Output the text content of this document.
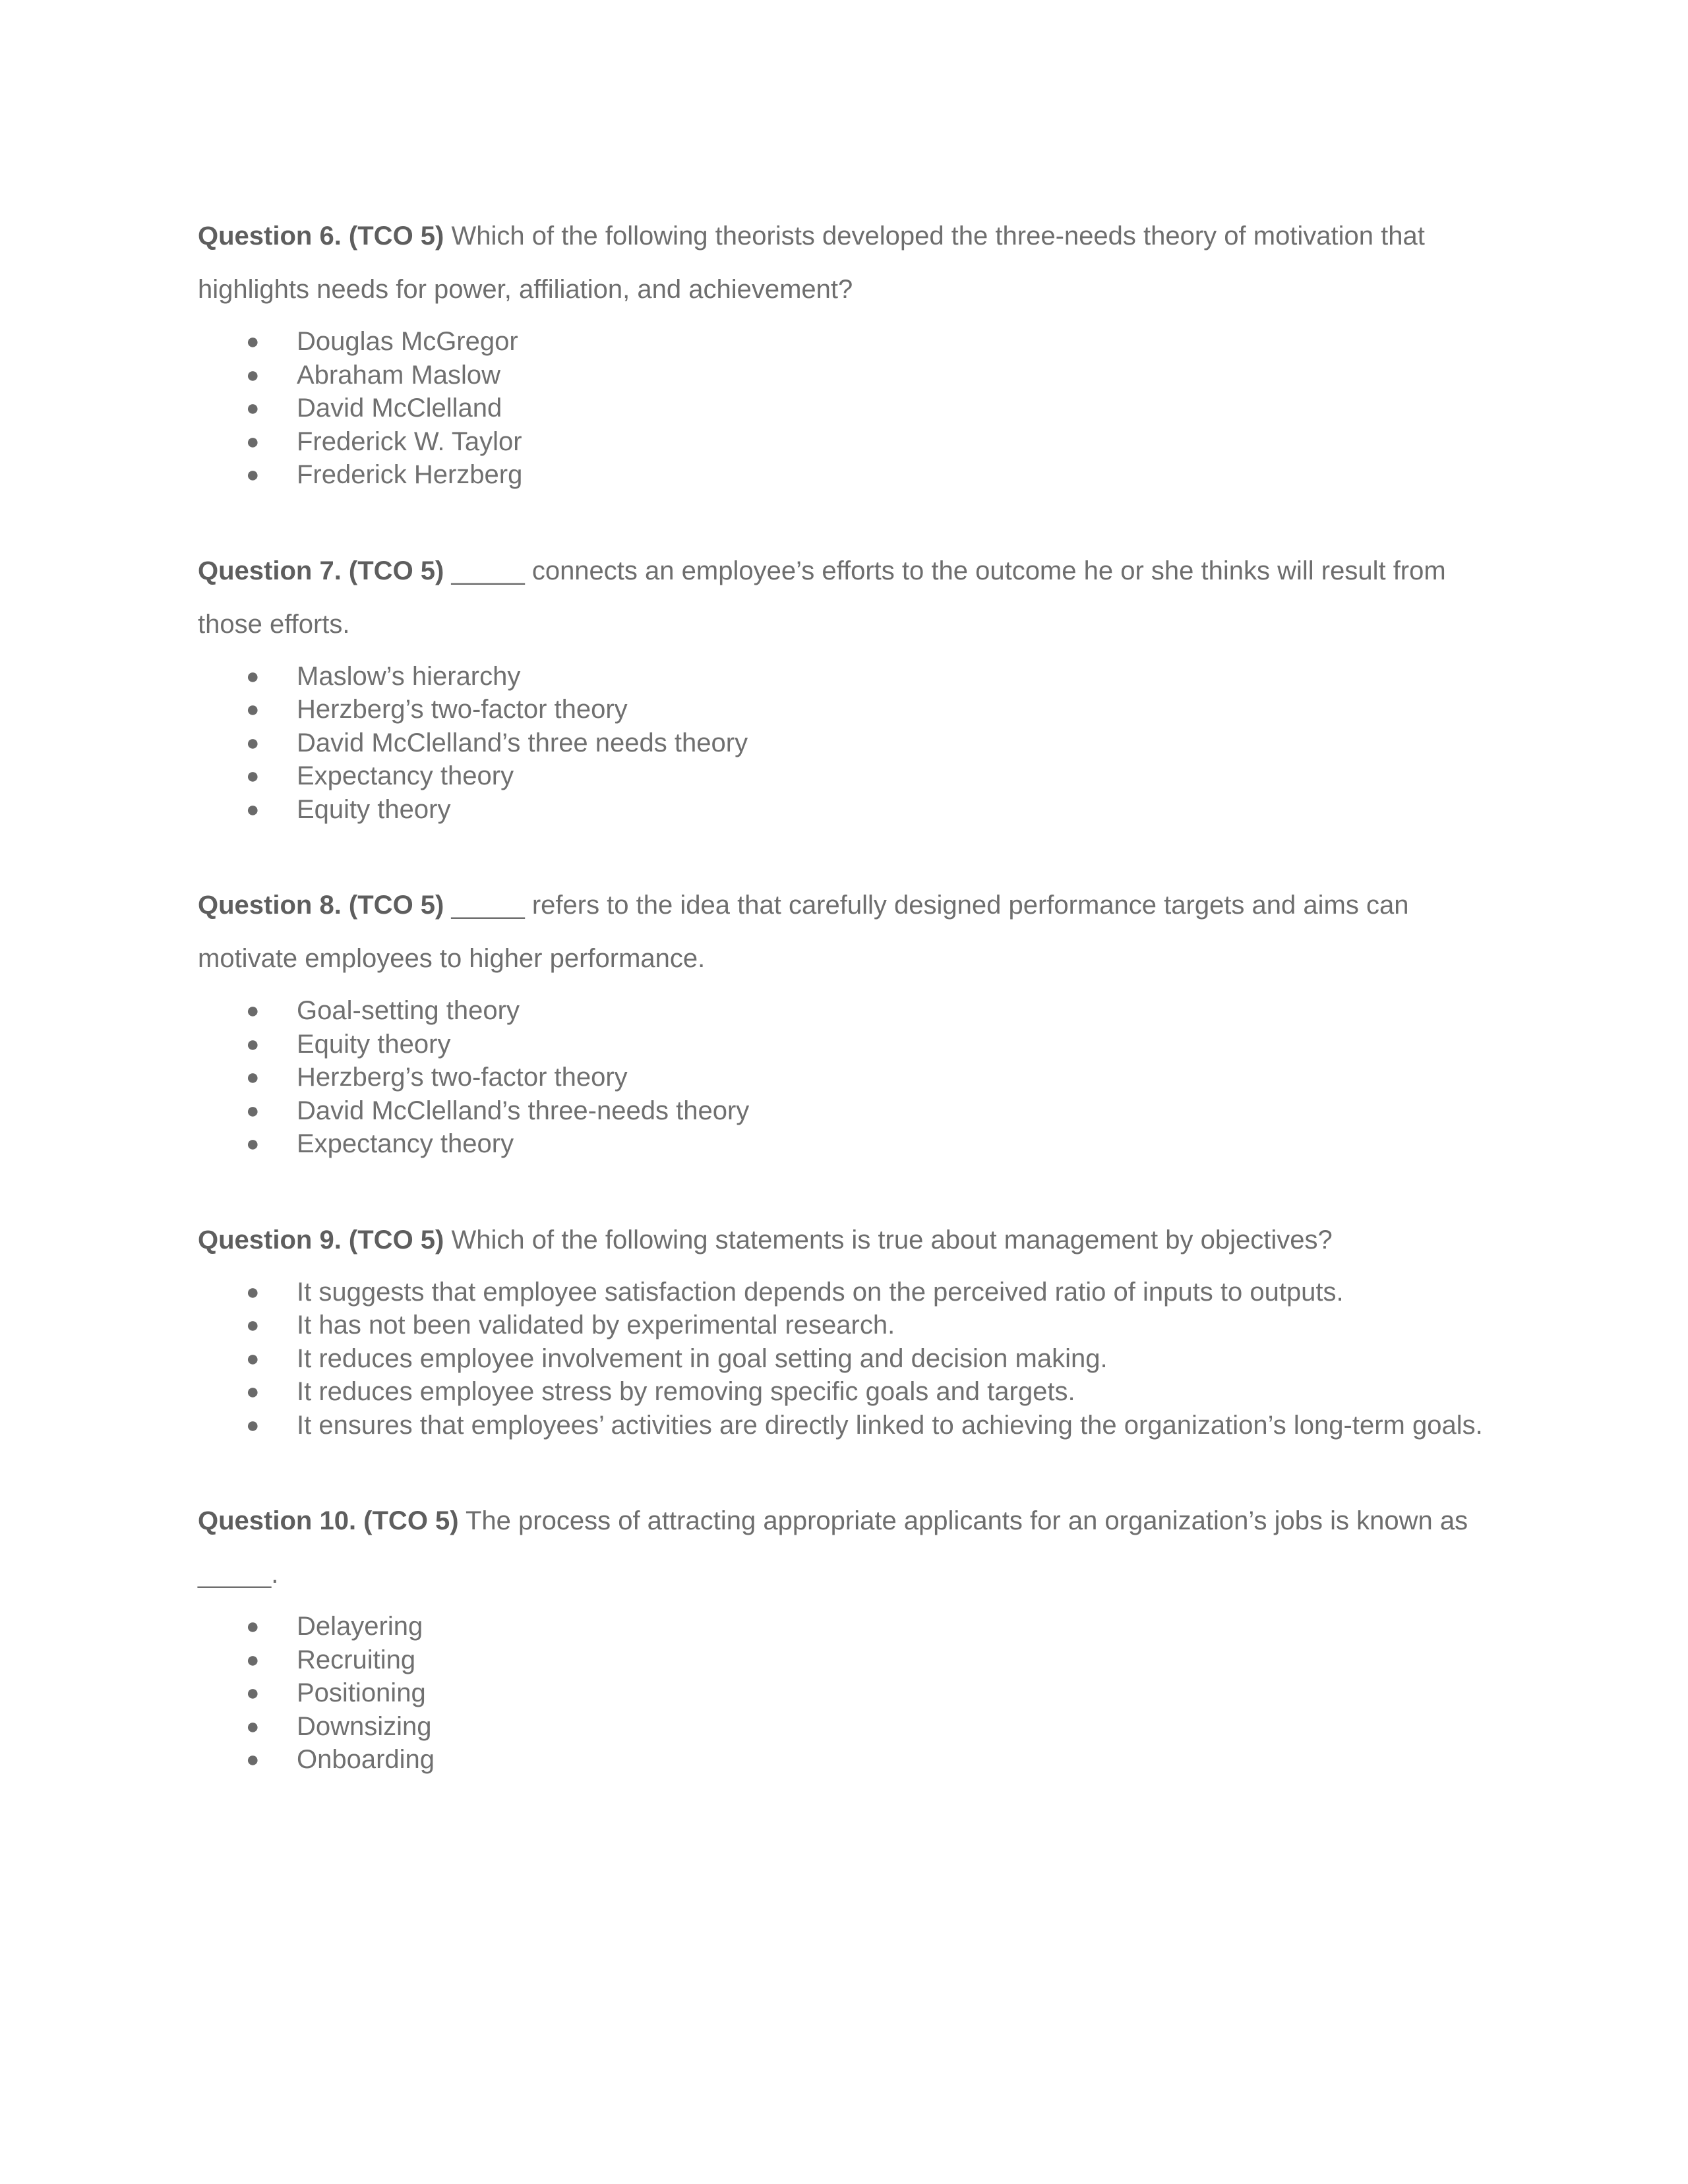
Question 6. (TCO 5) Which of the following theorists developed the three-needs theory of motivation that highlights needs for power, affiliation, and achievement?

● Douglas McGregor
● Abraham Maslow
● David McClelland
● Frederick W. Taylor
● Frederick Herzberg

Question 7. (TCO 5) _____ connects an employee’s efforts to the outcome he or she thinks will result from those efforts.

● Maslow’s hierarchy
● Herzberg’s two-factor theory
● David McClelland’s three needs theory
● Expectancy theory
● Equity theory

Question 8. (TCO 5) _____ refers to the idea that carefully designed performance targets and aims can motivate employees to higher performance.

● Goal-setting theory
● Equity theory
● Herzberg’s two-factor theory
● David McClelland’s three-needs theory
● Expectancy theory

Question 9. (TCO 5) Which of the following statements is true about management by objectives?

● It suggests that employee satisfaction depends on the perceived ratio of inputs to outputs.
● It has not been validated by experimental research.
● It reduces employee involvement in goal setting and decision making.
● It reduces employee stress by removing specific goals and targets.
● It ensures that employees’ activities are directly linked to achieving the organization’s long-term goals.

Question 10. (TCO 5) The process of attracting appropriate applicants for an organization’s jobs is known as _____.

● Delayering
● Recruiting
● Positioning
● Downsizing
● Onboarding
